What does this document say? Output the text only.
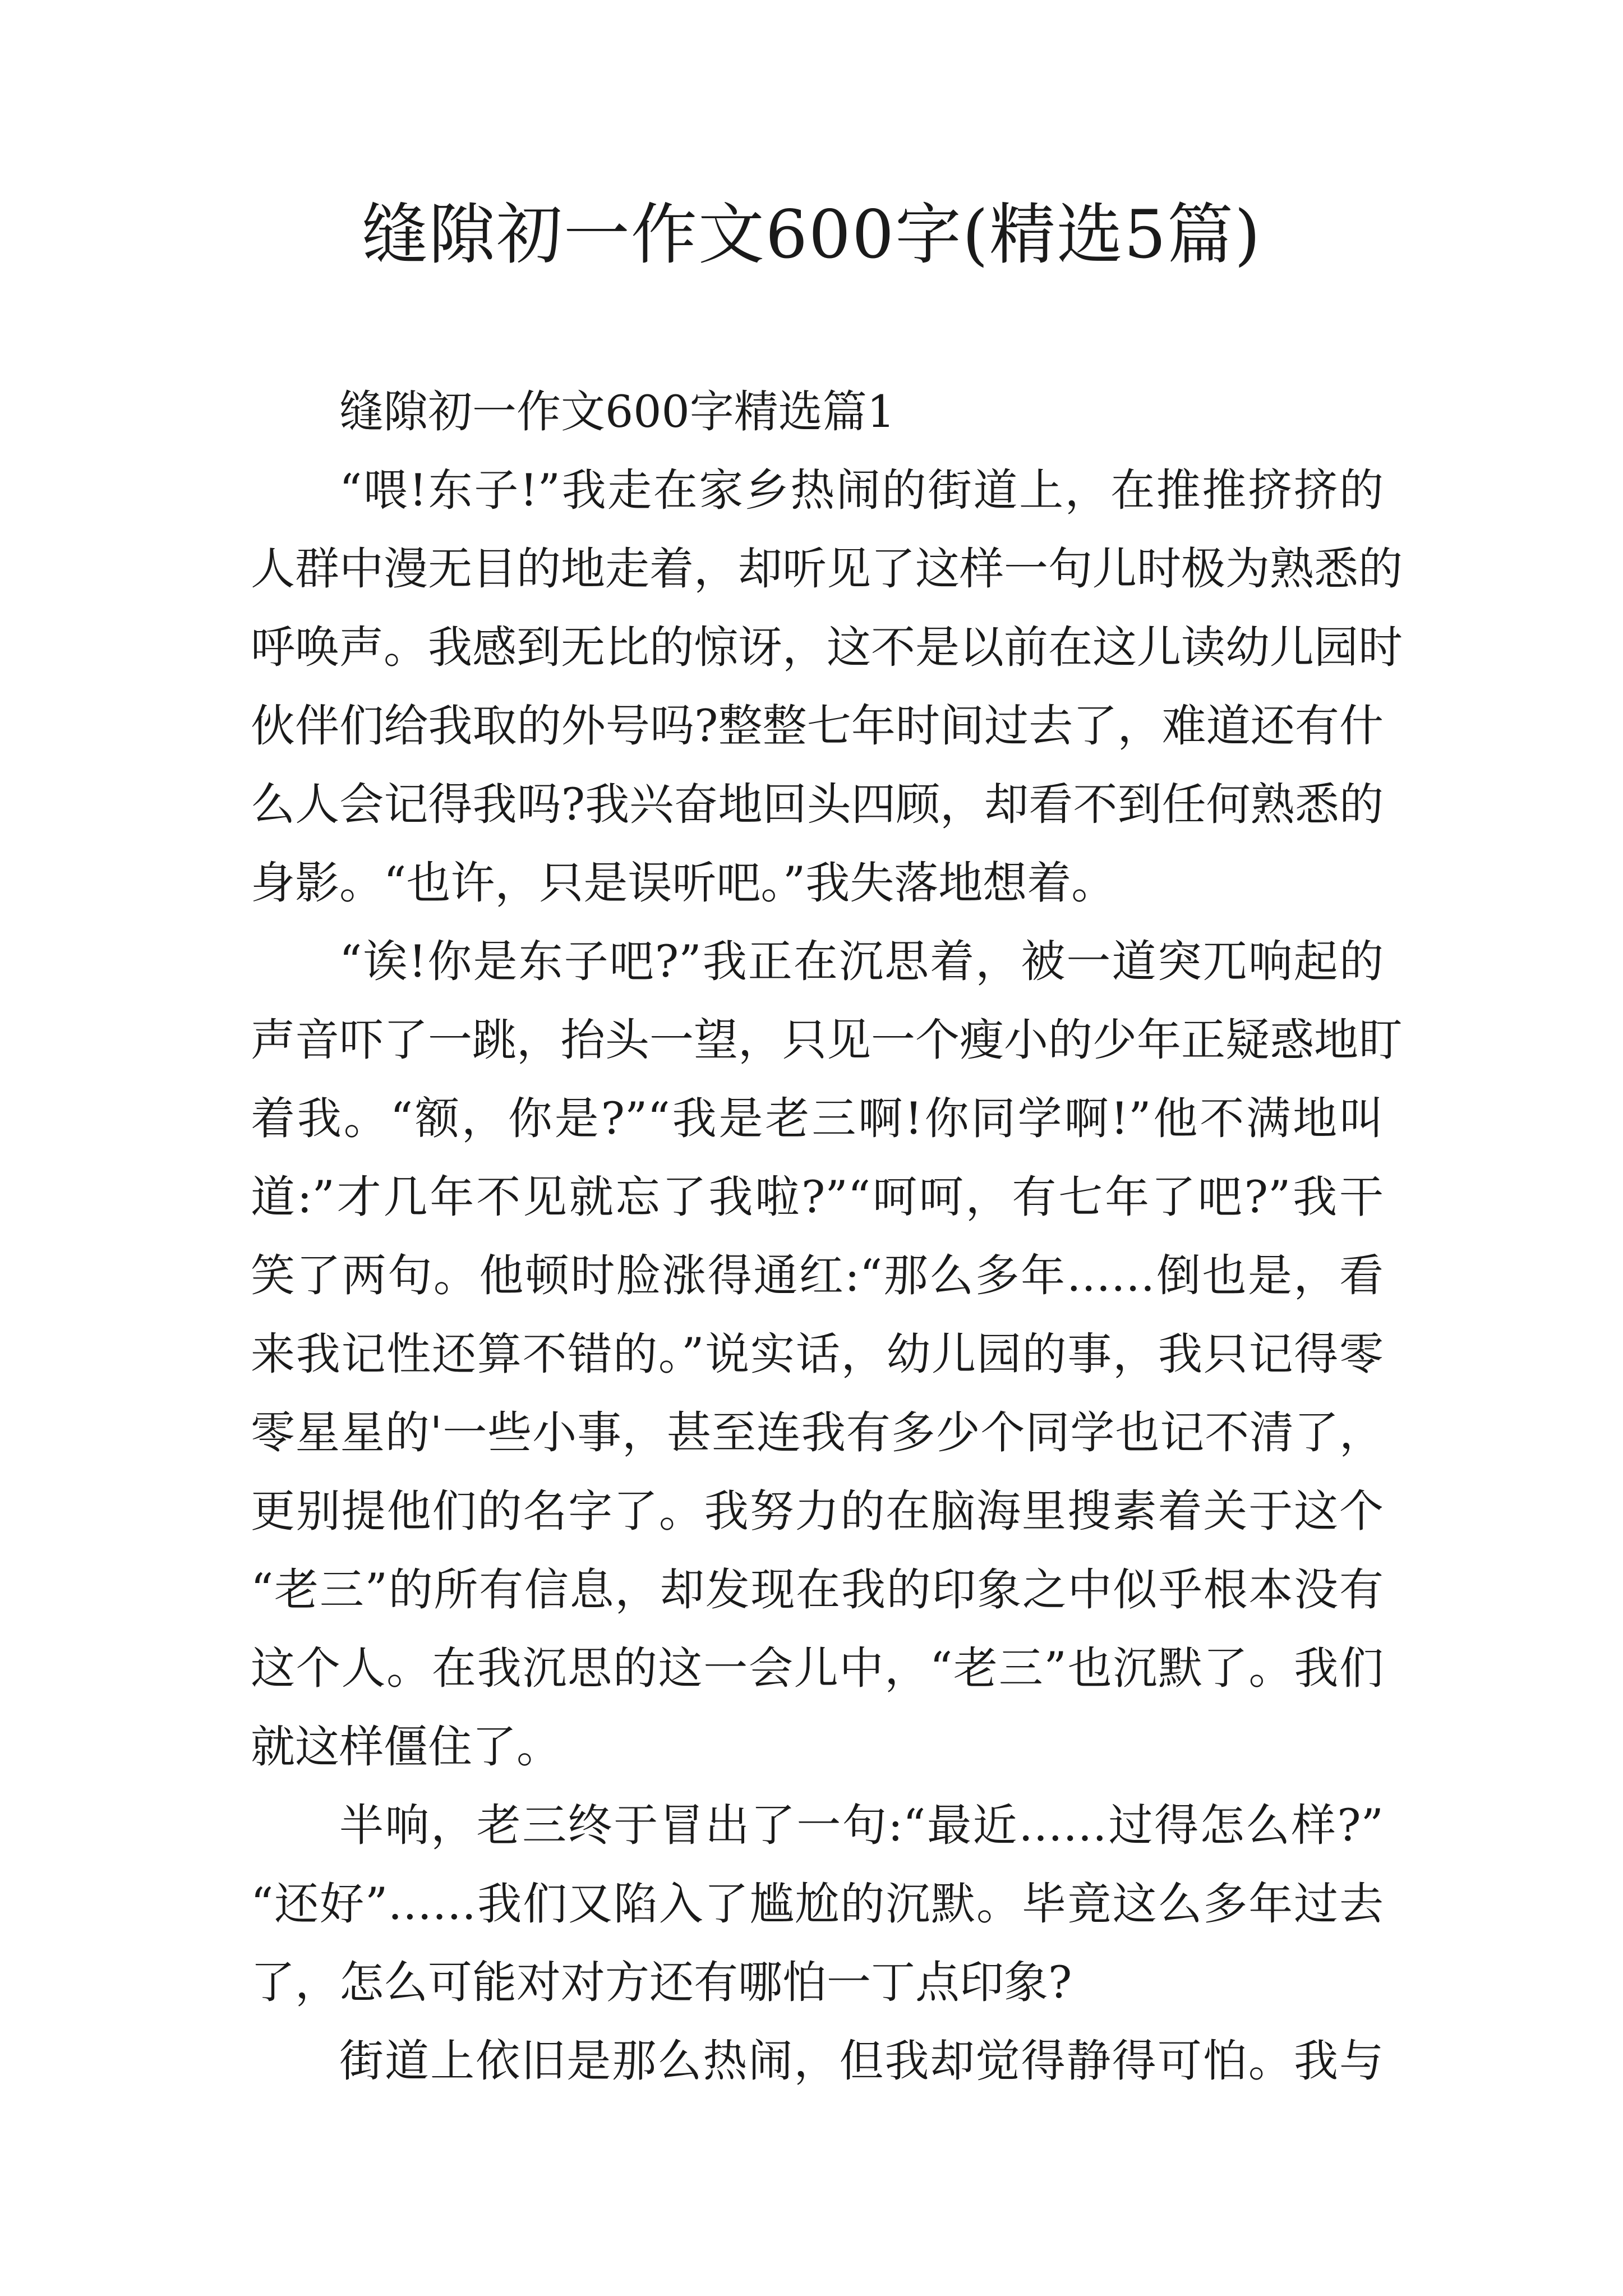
缝隙初一作文600字(精选5篇)

缝隙初一作文600字精选篇1

“喂!东子!”我走在家乡热闹的街道上，在推推挤挤的
人群中漫无目的地走着，却听见了这样一句儿时极为熟悉的
呼唤声。我感到无比的惊讶，这不是以前在这儿读幼儿园时
伙伴们给我取的外号吗?整整七年时间过去了，难道还有什
么人会记得我吗?我兴奋地回头四顾，却看不到任何熟悉的
身影。“也许，只是误听吧。”我失落地想着。
“诶!你是东子吧?”我正在沉思着，被一道突兀响起的
声音吓了一跳，抬头一望，只见一个瘦小的少年正疑惑地盯
着我。“额，你是?”“我是老三啊!你同学啊!”他不满地叫
道:”才几年不见就忘了我啦?”“呵呵，有七年了吧?”我干
笑了两句。他顿时脸涨得通红:“那么多年……倒也是，看
来我记性还算不错的。”说实话，幼儿园的事，我只记得零
零星星的'一些小事，甚至连我有多少个同学也记不清了，
更别提他们的名字了。我努力的在脑海里搜素着关于这个
“老三”的所有信息，却发现在我的印象之中似乎根本没有
这个人。在我沉思的这一会儿中，“老三”也沉默了。我们
就这样僵住了。
半响，老三终于冒出了一句:“最近……过得怎么样?”
“还好”……我们又陷入了尴尬的沉默。毕竟这么多年过去
了，怎么可能对对方还有哪怕一丁点印象?
街道上依旧是那么热闹，但我却觉得静得可怕。我与
